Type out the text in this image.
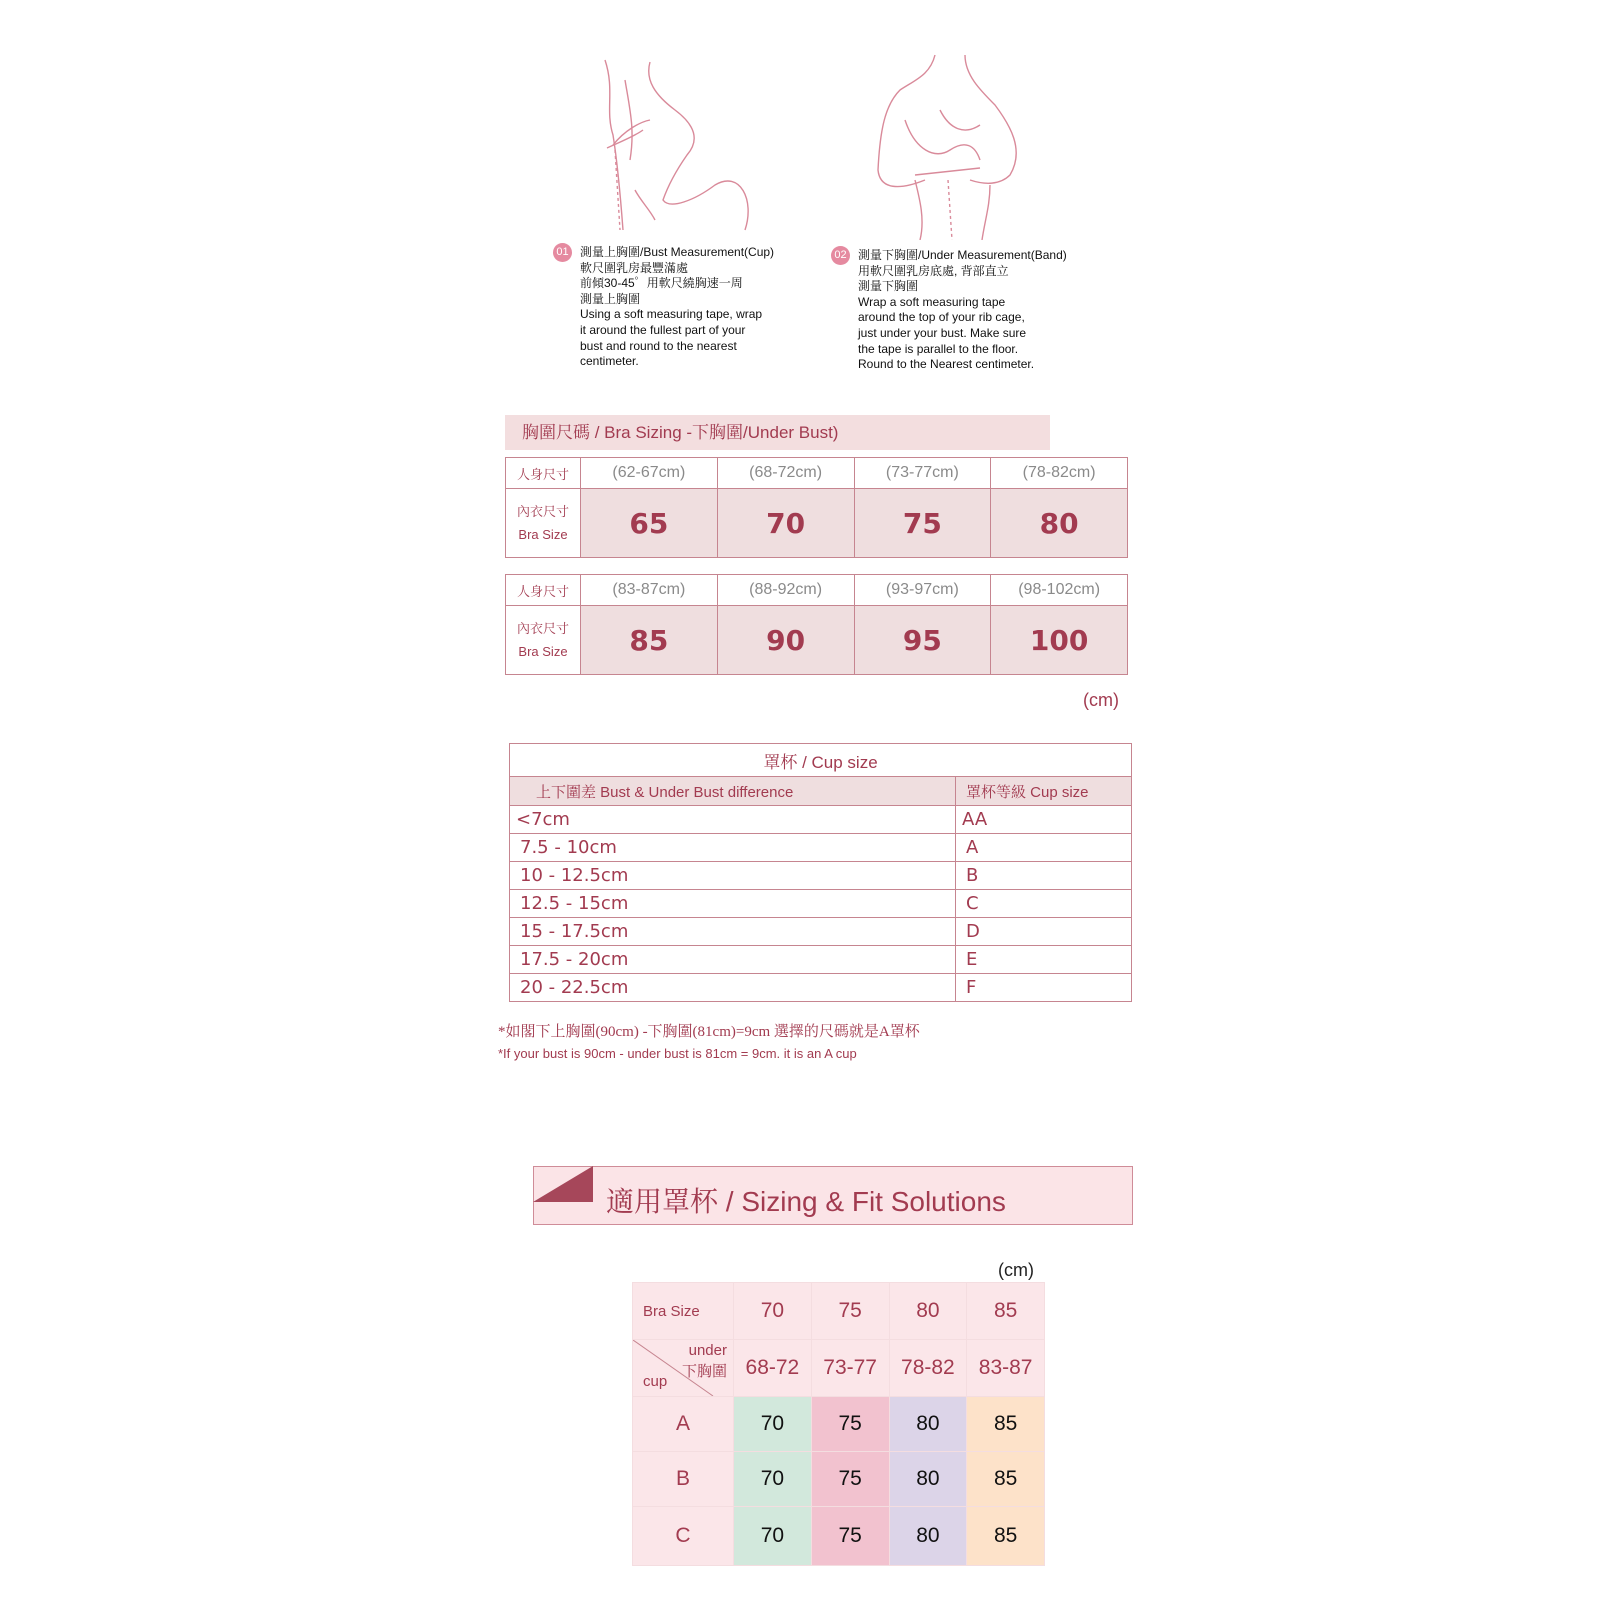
01 測量上胸圍/Bust Measurement(Cup)
軟尺圍乳房最豐滿處
前傾30-45゜用軟尺繞胸速一周
測量上胸圍
Using a soft measuring tape, wrap
it around the fullest part of your
bust and round to the nearest
centimeter.
02 測量下胸圍/Under Measurement(Band)
用軟尺圍乳房底處, 背部直立
測量下胸圍
Wrap a soft measuring tape
around the top of your rib cage,
just under your bust. Make sure
the tape is parallel to the floor.
Round to the Nearest centimeter.
胸圍尺碼 / Bra Sizing -下胸圍/Under Bust)
人身尺寸	(62-67cm)	(68-72cm)	(73-77cm)	(78-82cm)

內衣尺寸
Bra Size	65	70	75	80
人身尺寸	(83-87cm)	(88-92cm)	(93-97cm)	(98-102cm)

內衣尺寸
Bra Size	85	90	95	100
(cm)
罩杯 / Cup size	
上下圍差 Bust & Under Bust difference	罩杯等級 Cup size
<7cm	AA
7.5 - 10cm	A
10 - 12.5cm	B
12.5 - 15cm	C
15 - 17.5cm	D
17.5 - 20cm	E
20 - 22.5cm	F
*如閣下上胸圍(90cm) -下胸圍(81cm)=9cm 選擇的尺碼就是A罩杯
*If your bust is 90cm - under bust is 81cm = 9cm. it is an A cup
適用罩杯 / Sizing & Fit Solutions
(cm)
Bra Size	70	75	80	85

under
下胸圍
cup	68-72	73-77	78-82	83-87
A	70	75	80	85
B	70	75	80	85
C	70	75	80	85
